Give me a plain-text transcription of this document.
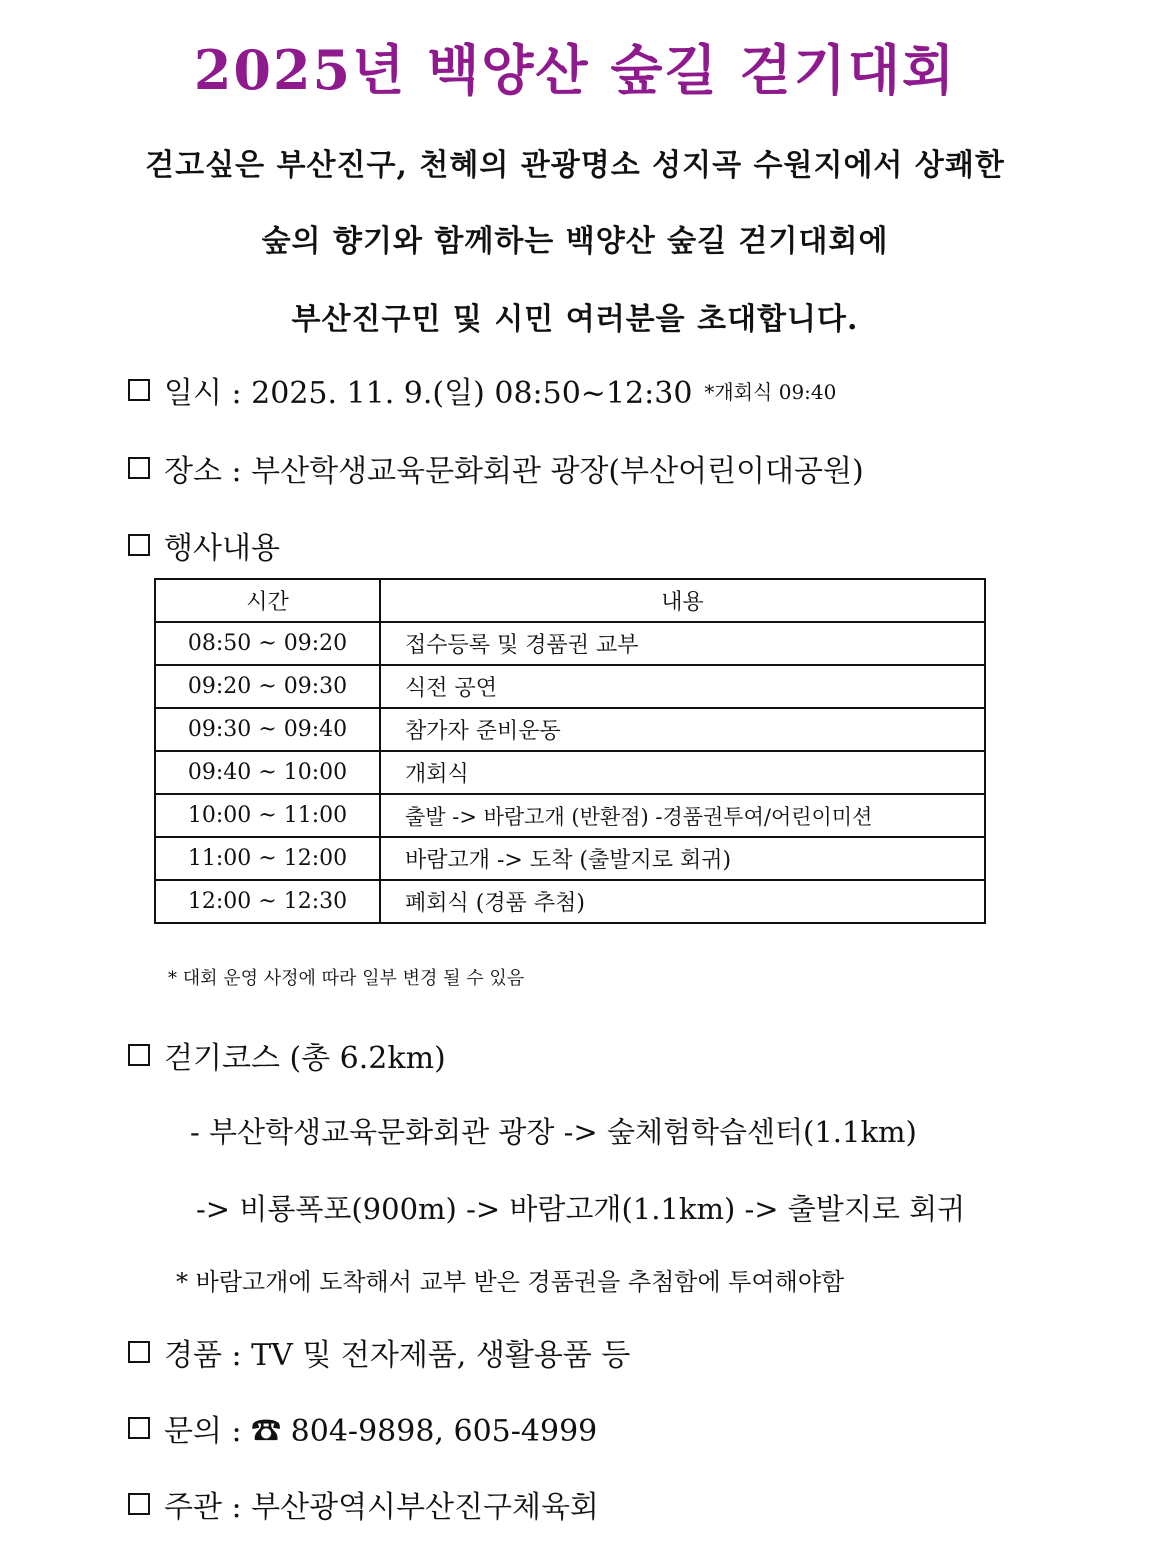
2025년 백양산 숲길 걷기대회
걷고싶은 부산진구, 천혜의 관광명소 성지곡 수원지에서 상쾌한
숲의 향기와 함께하는 백양산 숲길 걷기대회에
부산진구민 및 시민 여러분을 초대합니다.
일시 : 2025. 11. 9.(일) 08:50~12:30 *개회식 09:40
장소 : 부산학생교육문화회관 광장(부산어린이대공원)
행사내용
시간	내용
08:50 ~ 09:20	접수등록 및 경품권 교부
09:20 ~ 09:30	식전 공연
09:30 ~ 09:40	참가자 준비운동
09:40 ~ 10:00	개회식
10:00 ~ 11:00	출발 -> 바람고개 (반환점) -경품권투여/어린이미션
11:00 ~ 12:00	바람고개 -> 도착 (출발지로 회귀)
12:00 ~ 12:30	폐회식 (경품 추첨)
* 대회 운영 사정에 따라 일부 변경 될 수 있음
걷기코스 (총 6.2km)
- 부산학생교육문화회관 광장 -> 숲체험학습센터(1.1km)
-> 비룡폭포(900m) -> 바람고개(1.1km) -> 출발지로 회귀
* 바람고개에 도착해서 교부 받은 경품권을 추첨함에 투여해야함
경품 : TV 및 전자제품, 생활용품 등
문의 : ☎ 804-9898, 605-4999
주관 : 부산광역시부산진구체육회
